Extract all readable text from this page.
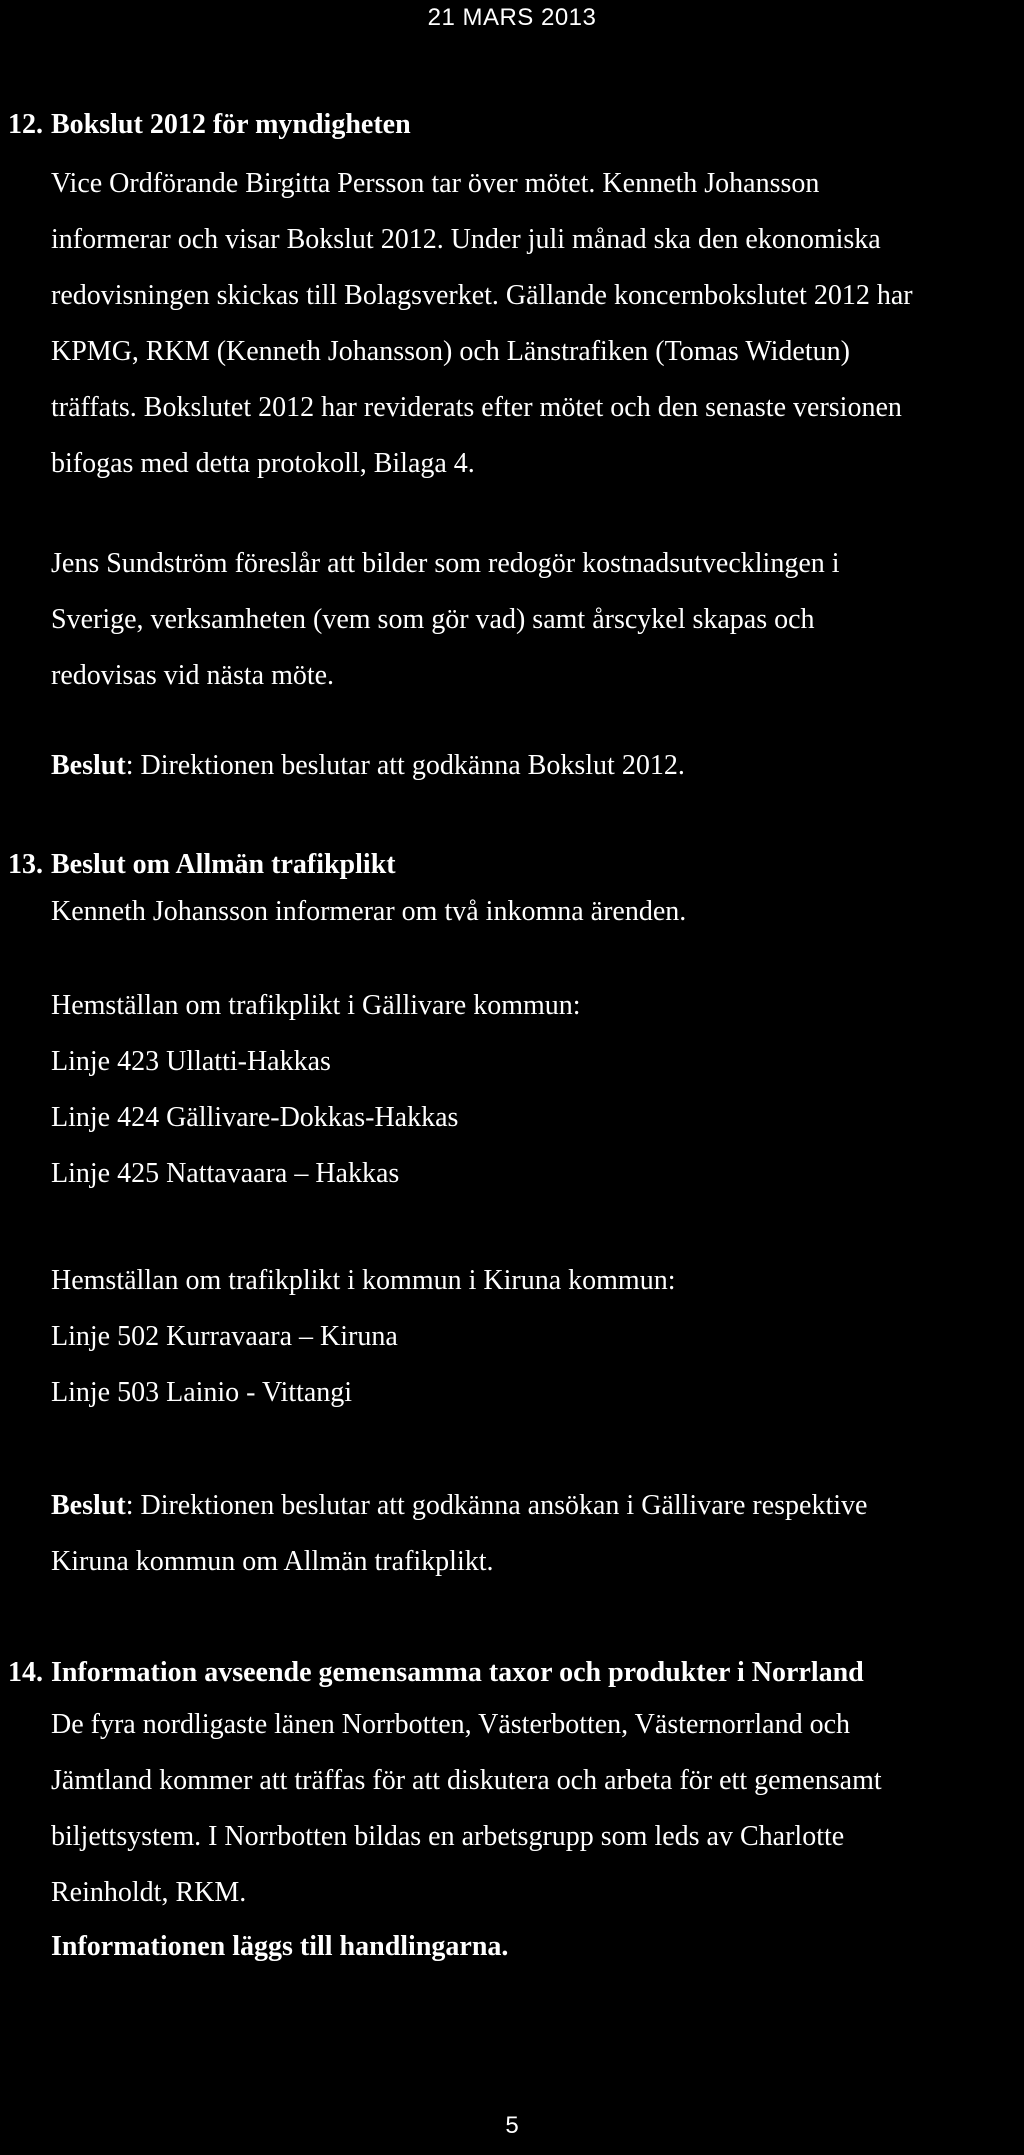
21 MARS 2013
12. Bokslut 2012 för myndigheten
Vice Ordförande Birgitta Persson tar över mötet. Kenneth Johansson
informerar och visar Bokslut 2012. Under juli månad ska den ekonomiska
redovisningen skickas till Bolagsverket. Gällande koncernbokslutet 2012 har
KPMG, RKM (Kenneth Johansson) och Länstrafiken (Tomas Widetun)
träffats. Bokslutet 2012 har reviderats efter mötet och den senaste versionen
bifogas med detta protokoll, Bilaga 4.
Jens Sundström föreslår att bilder som redogör kostnadsutvecklingen i
Sverige, verksamheten (vem som gör vad) samt årscykel skapas och
redovisas vid nästa möte.
Beslut: Direktionen beslutar att godkänna Bokslut 2012.
13. Beslut om Allmän trafikplikt
Kenneth Johansson informerar om två inkomna ärenden.
Hemställan om trafikplikt i Gällivare kommun:
Linje 423 Ullatti-Hakkas
Linje 424 Gällivare-Dokkas-Hakkas
Linje 425 Nattavaara – Hakkas
Hemställan om trafikplikt i kommun i Kiruna kommun:
Linje 502 Kurravaara – Kiruna
Linje 503 Lainio - Vittangi
Beslut: Direktionen beslutar att godkänna ansökan i Gällivare respektive
Kiruna kommun om Allmän trafikplikt.
14. Information avseende gemensamma taxor och produkter i Norrland
De fyra nordligaste länen Norrbotten, Västerbotten, Västernorrland och
Jämtland kommer att träffas för att diskutera och arbeta för ett gemensamt
biljettsystem. I Norrbotten bildas en arbetsgrupp som leds av Charlotte
Reinholdt, RKM.
Informationen läggs till handlingarna.
5
